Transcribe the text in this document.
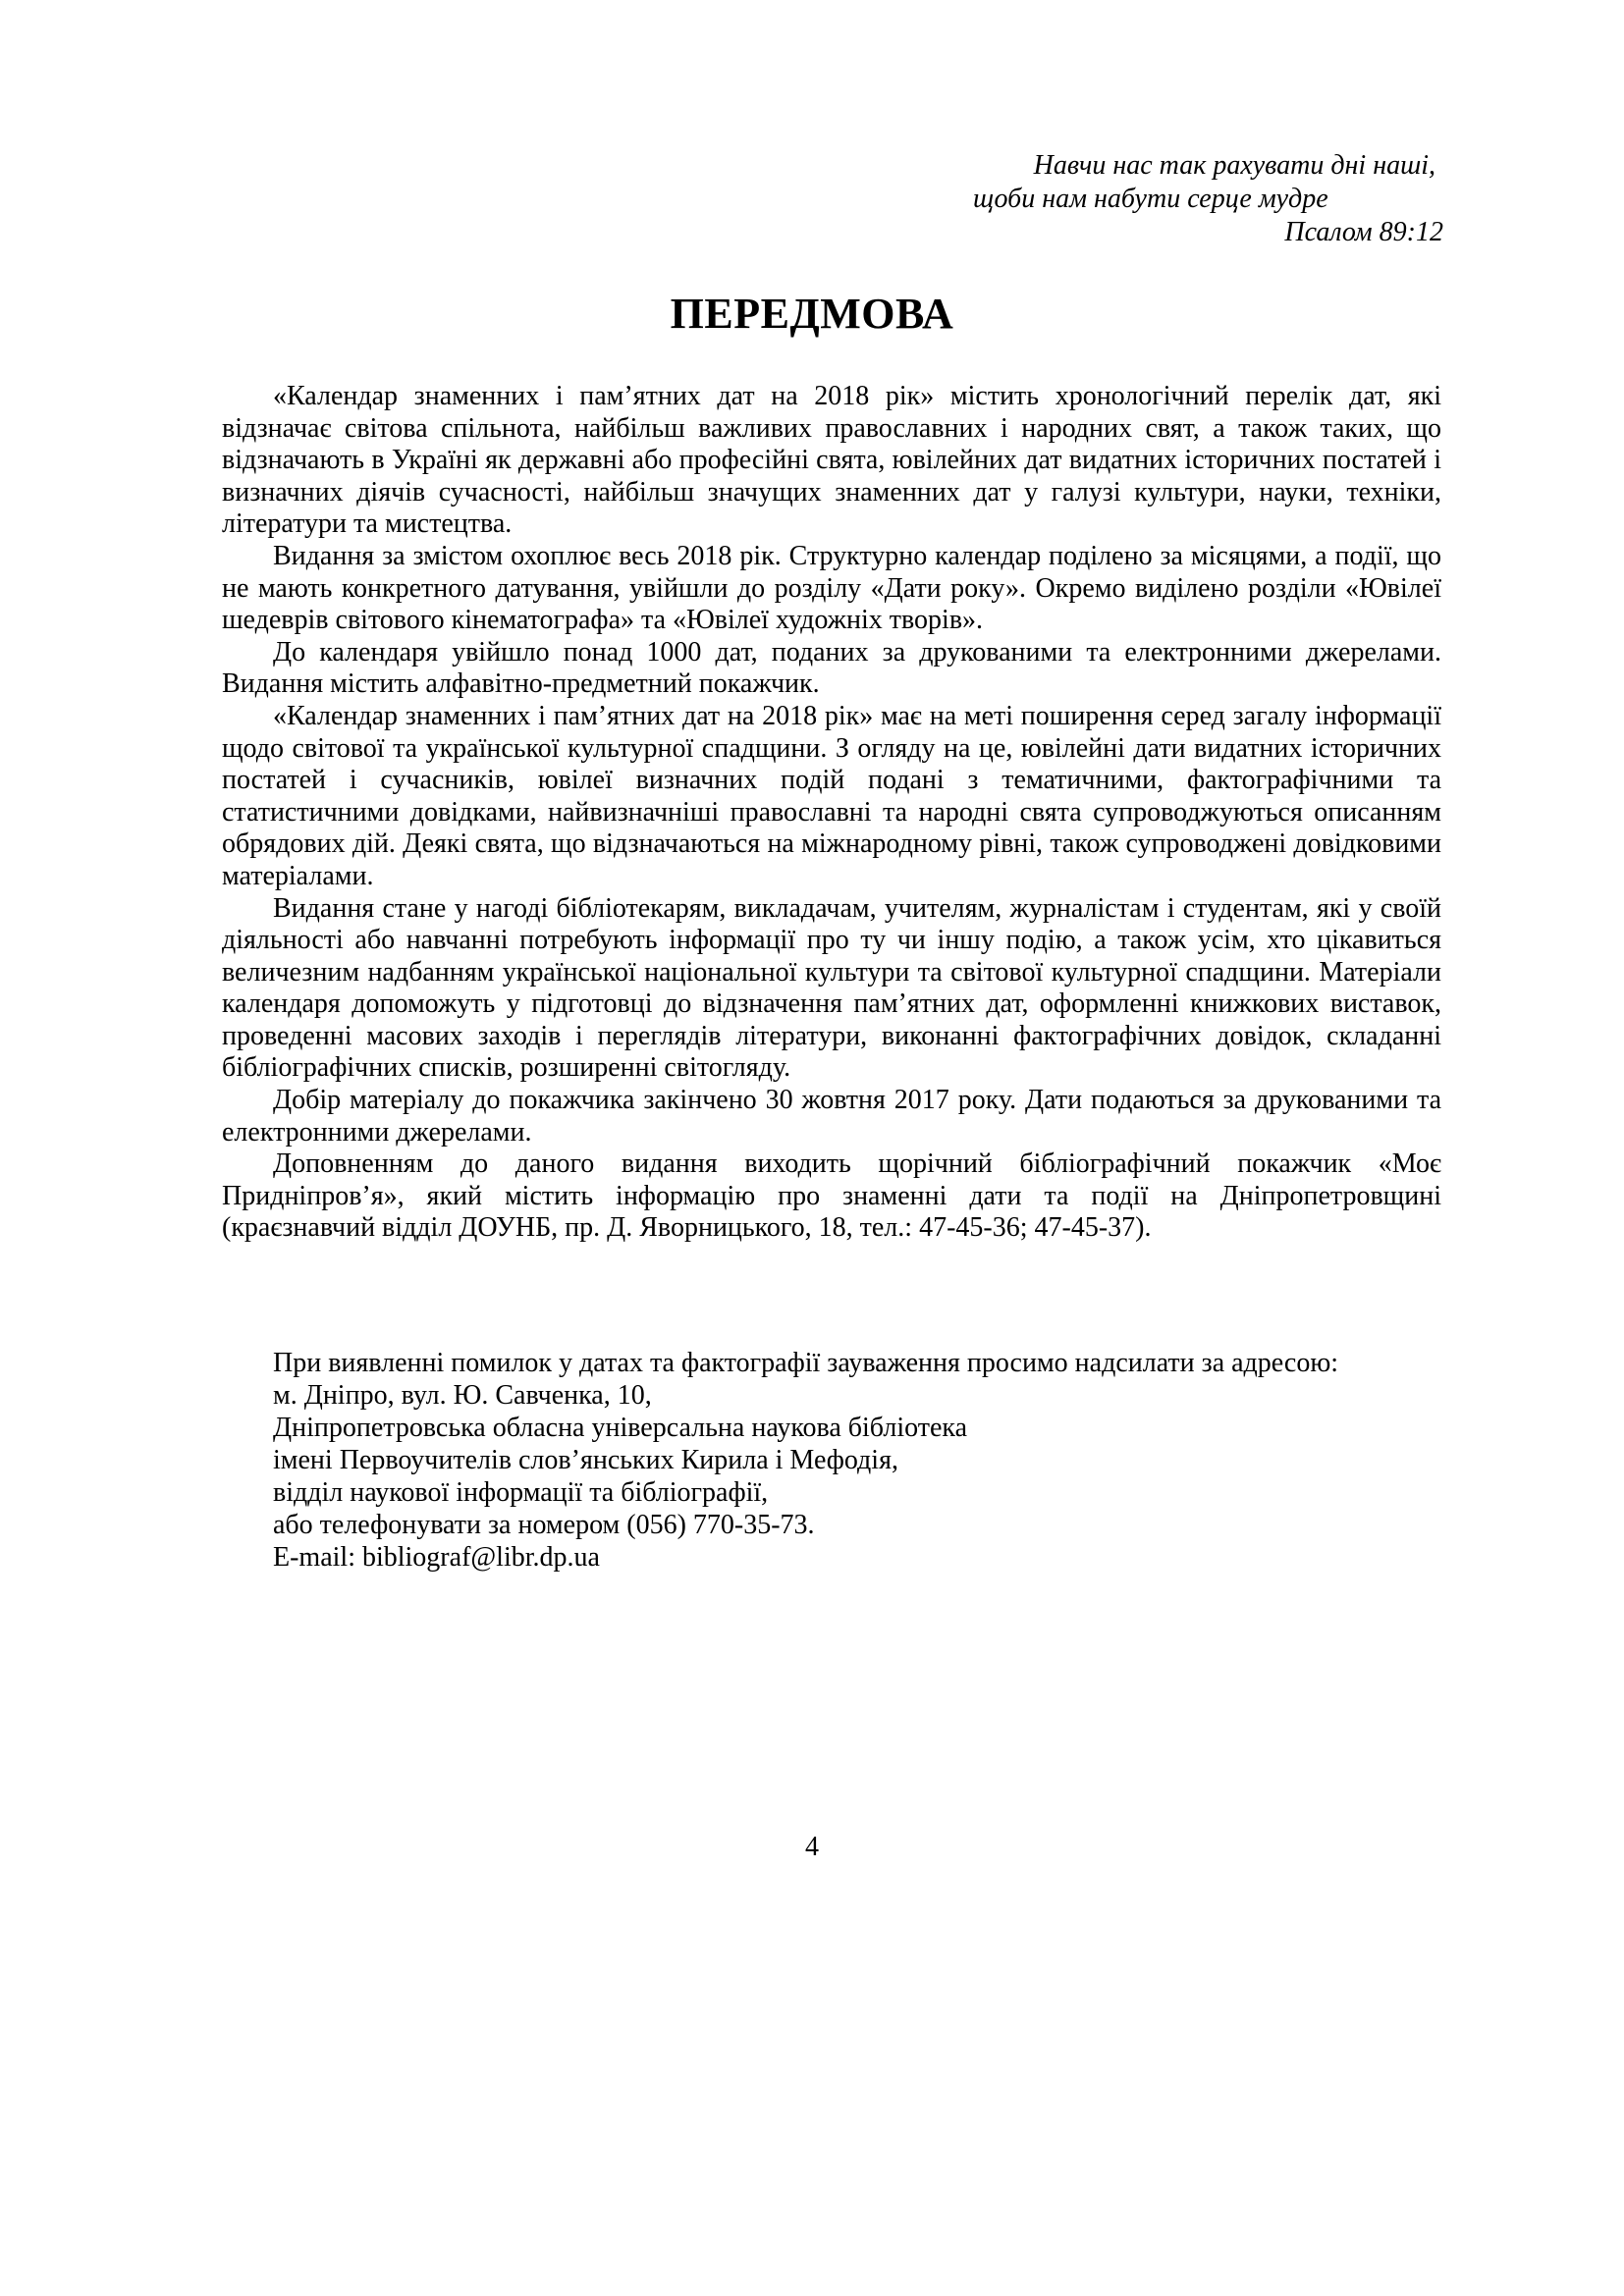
Навчи нас так рахувати дні наші,
щоби нам набути серце мудре
Псалом 89:12
ПЕРЕДМОВА

«Календар знаменних і пам’ятних дат на 2018 рік» містить хронологічний перелік дат, які відзначає світова спільнота, найбільш важливих православних і народних свят, а також таких, що відзначають в Україні як державні або професійні свята, ювілейних дат видатних історичних постатей і визначних діячів сучасності, найбільш значущих знаменних дат у галузі культури, науки, техніки, літератури та мистецтва.

Видання за змістом охоплює весь 2018 рік. Структурно календар поділено за місяцями, а події, що не мають конкретного датування, увійшли до розділу «Дати року». Окремо виділено розділи «Ювілеї шедеврів світового кінематографа» та «Ювілеї художніх творів».

До календаря увійшло понад 1000 дат, поданих за друкованими та електронними джерелами. Видання містить алфавітно-предметний покажчик.

«Календар знаменних і пам’ятних дат на 2018 рік» має на меті поширення серед загалу інформації щодо світової та української культурної спадщини. З огляду на це, ювілейні дати видатних історичних постатей і сучасників, ювілеї визначних подій подані з тематичними, фактографічними та статистичними довідками, найвизначніші православні та народні свята супроводжуються описанням обрядових дій. Деякі свята, що відзначаються на міжнародному рівні, також супроводжені довідковими матеріалами.

Видання стане у нагоді бібліотекарям, викладачам, учителям, журналістам і студентам, які у своїй діяльності або навчанні потребують інформації про ту чи іншу подію, а також усім, хто цікавиться величезним надбанням української національної культури та світової культурної спадщини. Матеріали календаря допоможуть у підготовці до відзначення пам’ятних дат, оформленні книжкових виставок, проведенні масових заходів і переглядів літератури, виконанні фактографічних довідок, складанні бібліографічних списків, розширенні світогляду.

Добір матеріалу до покажчика закінчено 30 жовтня 2017 року. Дати подаються за друкованими та електронними джерелами.

Доповненням до даного видання виходить щорічний бібліографічний покажчик «Моє Придніпров’я», який містить інформацію про знаменні дати та події на Дніпропетровщині (краєзнавчий відділ ДОУНБ, пр. Д. Яворницького, 18, тел.: 47-45-36; 47-45-37).

При виявленні помилок у датах та фактографії зауваження просимо надсилати за адресою:
м. Дніпро, вул. Ю. Савченка, 10,
Дніпропетровська обласна універсальна наукова бібліотека
імені Первоучителів слов’янських Кирила і Мефодія,
відділ наукової інформації та бібліографії,
або телефонувати за номером (056) 770-35-73.
E-mail: bibliograf@libr.dp.ua
4
